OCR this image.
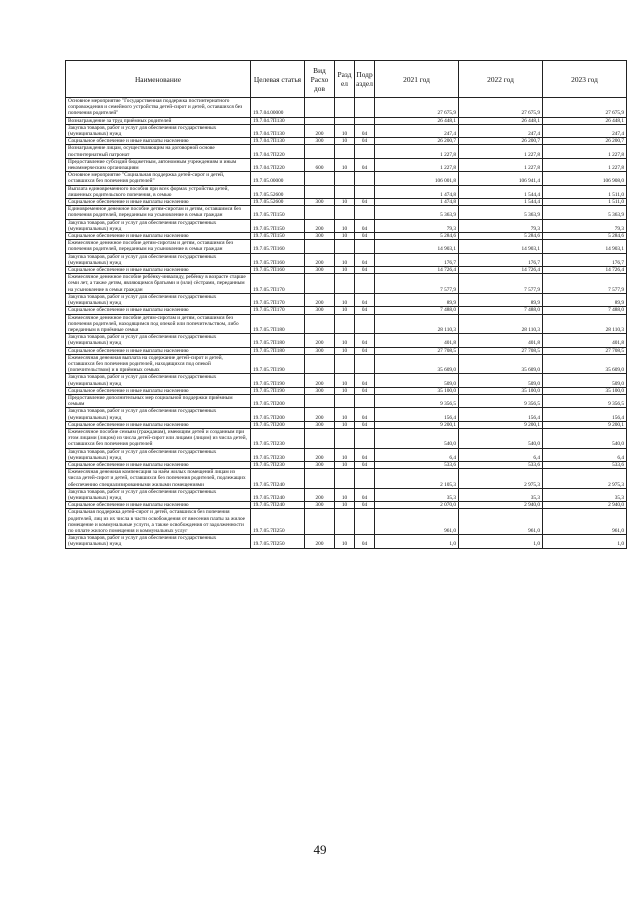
Наименование	Целевая статья	Вид Расхо дов	Разд ел	Подр аздел	2021 год	2022 год	2023 год
Основное мероприятие "Государственная поддержка постинтернатного сопровождения и семейного устройства детей-сирот и детей, оставшихся без попечения родителей"	19.7.04.00000				27 675,9	27 675,9	27 675,9
Вознаграждение за труд приёмных родителей	19.7.04.7П130				26 448,1	26 448,1	26 448,1
Закупка товаров, работ и услуг для обеспечения государственных (муниципальных) нужд	19.7.04.7П130	200	10	04	247,4	247,4	247,4
Социальное обеспечение и иные выплаты населению	19.7.04.7П130	300	10	04	26 200,7	26 200,7	26 200,7
Вознаграждение лицам, осуществляющим на договорной основе постинтернатный патронат	19.7.04.7П220				1 227,8	1 227,8	1 227,8
Предоставление субсидий бюджетным, автономным учреждениям и иным некоммерческим организациям	19.7.04.7П220	600	10	04	1 227,8	1 227,8	1 227,8
Основное мероприятие "Социальная поддержка детей-сирот и детей, оставшихся без попечения родителей"	19.7.05.00000				106 001,8	106 941,4	106 908,0
Выплата единовременного пособия при всех формах устройства детей, лишенных родительского попечения, в семью	19.7.05.52600				1 474,8	1 544,4	1 511,0
Социальное обеспечение и иные выплаты населению	19.7.05.52600	300	10	04	1 474,8	1 544,4	1 511,0
Единовременное денежное пособие детям-сиротам и детям, оставшимся без попечения родителей, переданным на усыновление в семьи граждан	19.7.05.7П150				5 363,9	5 363,9	5 363,9
Закупка товаров, работ и услуг для обеспечения государственных (муниципальных) нужд	19.7.05.7П150	200	10	04	79,3	79,3	79,3
Социальное обеспечение и иные выплаты населению	19.7.05.7П150	300	10	04	5 284,6	5 284,6	5 284,6
Ежемесячное денежное пособие детям-сиротам и детям, оставшимся без попечения родителей, переданным на усыновление в семьи граждан	19.7.05.7П160				14 903,1	14 903,1	14 903,1
Закупка товаров, работ и услуг для обеспечения государственных (муниципальных) нужд	19.7.05.7П160	200	10	04	176,7	176,7	176,7
Социальное обеспечение и иные выплаты населению	19.7.05.7П160	300	10	04	14 726,4	14 726,4	14 726,4
Ежемесячное денежное пособие ребёнку-инвалиду, ребёнку в возрасте старше семи лет, а также детям, являющимся братьями и (или) сёстрами, переданным на усыновление в семьи граждан	19.7.05.7П170				7 577,9	7 577,9	7 577,9
Закупка товаров, работ и услуг для обеспечения государственных (муниципальных) нужд	19.7.05.7П170	200	10	04	89,9	89,9	89,9
Социальное обеспечение и иные выплаты населению	19.7.05.7П170	300	10	04	7 488,0	7 488,0	7 488,0
Ежемесячное денежное пособие детям-сиротам и детям, оставшимся без попечения родителей, находящимся под опекой или попечительством, либо переданным в приёмные семьи	19.7.05.7П180				28 110,3	28 110,3	28 110,3
Закупка товаров, работ и услуг для обеспечения государственных (муниципальных) нужд	19.7.05.7П180	200	10	04	401,8	401,8	401,8
Социальное обеспечение и иные выплаты населению	19.7.05.7П180	300	10	04	27 708,5	27 708,5	27 708,5
Ежемесячная денежная выплата на содержание детей-сирот и детей, оставшихся без попечения родителей, находящихся под опекой (попечительством) и в приёмных семьях	19.7.05.7П190				35 609,0	35 609,0	35 609,0
Закупка товаров, работ и услуг для обеспечения государственных (муниципальных) нужд	19.7.05.7П190	200	10	04	509,0	509,0	509,0
Социальное обеспечение и иные выплаты населению	19.7.05.7П190	300	10	04	35 100,0	35 100,0	35 100,0
Предоставление дополнительных мер социальной поддержки приёмным семьям	19.7.05.7П200				9 356,5	9 356,5	9 356,5
Закупка товаров, работ и услуг для обеспечения государственных (муниципальных) нужд	19.7.05.7П200	200	10	04	156,4	156,4	156,4
Социальное обеспечение и иные выплаты населению	19.7.05.7П200	300	10	04	9 200,1	9 200,1	9 200,1
Ежемесячное пособие семьям (гражданам), имеющим детей и созданным при этом лицами (лицом) из числа детей-сирот или лицами (лицом) из числа детей, оставшихся без попечения родителей	19.7.05.7П230				540,0	540,0	540,0
Закупка товаров, работ и услуг для обеспечения государственных (муниципальных) нужд	19.7.05.7П230	200	10	04	6,4	6,4	6,4
Социальное обеспечение и иные выплаты населению	19.7.05.7П230	300	10	04	533,6	533,6	533,6
Ежемесячная денежная компенсация за наём жилых помещений лицам из числа детей-сирот и детей, оставшихся без попечения родителей, подлежащих обеспечению специализированными жилыми помещениями	19.7.05.7П240				2 105,3	2 975,3	2 975,3
Закупка товаров, работ и услуг для обеспечения государственных (муниципальных) нужд	19.7.05.7П240	200	10	04	35,3	35,3	35,3
Социальное обеспечение и иные выплаты населению	19.7.05.7П240	300	10	04	2 070,0	2 940,0	2 940,0
Социальная поддержка детей-сирот и детей, оставшихся без попечения родителей, лиц из их числа в части освобождения от внесения платы за жилое помещение и коммунальные услуги, а также освобождения от задолженности по оплате жилого помещения и коммунальных услуг	19.7.05.7П250				961,0	961,0	961,0
Закупка товаров, работ и услуг для обеспечения государственных (муниципальных) нужд	19.7.05.7П250	200	10	04	1,0	1,0	1,0
49
